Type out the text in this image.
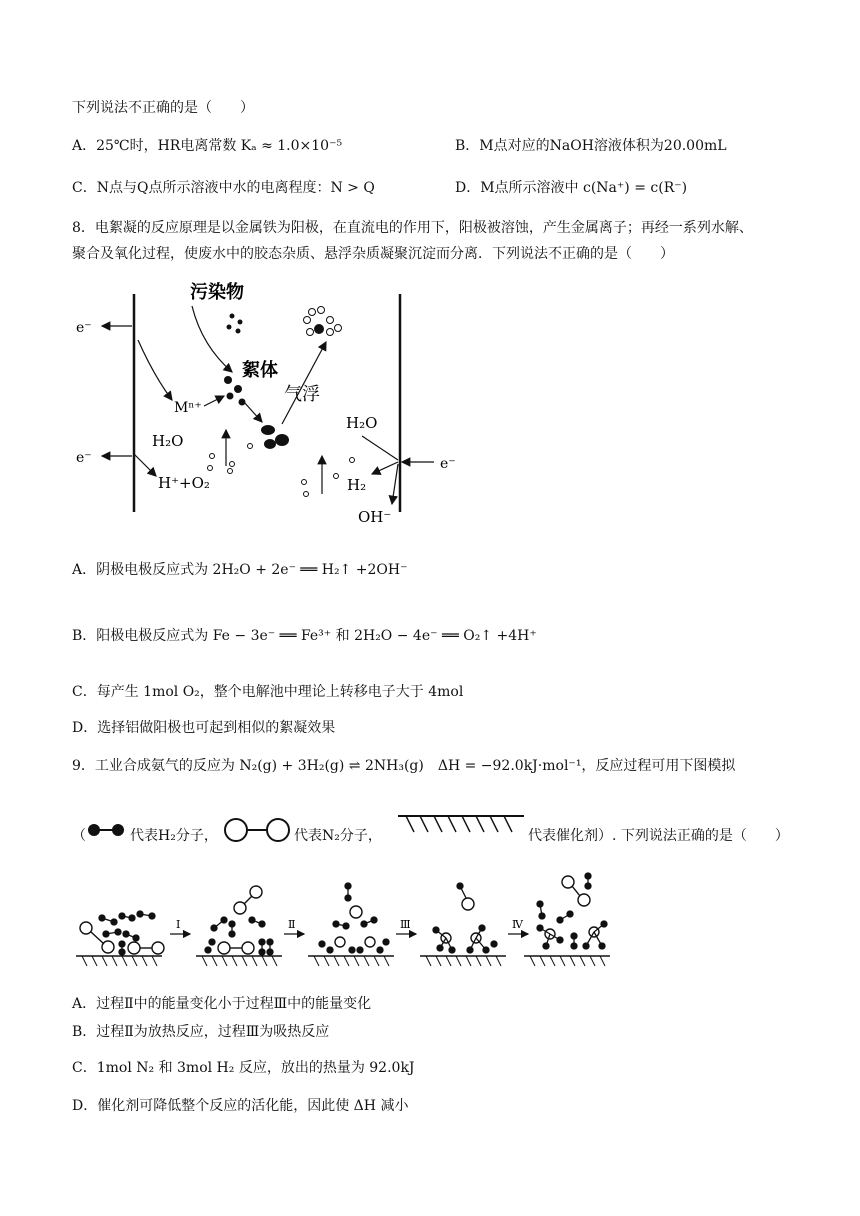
下列说法不正确的是（　　）
A．25℃时，HR电离常数 Kₐ ≈ 1.0×10⁻⁵	B．M点对应的NaOH溶液体积为20.00mL
C．N点与Q点所示溶液中水的电离程度：N > Q	D．M点所示溶液中 c(Na⁺) = c(R⁻)
8．电絮凝的反应原理是以金属铁为阳极，在直流电的作用下，阳极被溶蚀，产生金属离子；再经一系列水解、
聚合及氧化过程，使废水中的胶态杂质、悬浮杂质凝聚沉淀而分离．下列说法不正确的是（　　）
e⁻
e⁻	e⁻
污染物
絮体
Mⁿ⁺
气浮
H₂O
H⁺+O₂
H₂O
H₂
OH⁻
A．阴极电极反应式为 2H₂O + 2e⁻ ══ H₂↑ +2OH⁻
B．阳极电极反应式为 Fe − 3e⁻ ══ Fe³⁺ 和 2H₂O − 4e⁻ ══ O₂↑ +4H⁺
C．每产生 1mol O₂，整个电解池中理论上转移电子大于 4mol
D．选择铝做阳极也可起到相似的絮凝效果
9．工业合成氨气的反应为 N₂(g) + 3H₂(g) ⇌ 2NH₃(g)　ΔH = −92.0kJ·mol⁻¹，反应过程可用下图模拟
（	代表H₂分子，	代表N₂分子，	代表催化剂）. 下列说法正确的是（　　）
Ⅰ	Ⅱ	Ⅲ	Ⅳ
A．过程Ⅱ中的能量变化小于过程Ⅲ中的能量变化
B．过程Ⅱ为放热反应，过程Ⅲ为吸热反应
C．1mol N₂ 和 3mol H₂ 反应，放出的热量为 92.0kJ
D．催化剂可降低整个反应的活化能，因此使 ΔH 减小
